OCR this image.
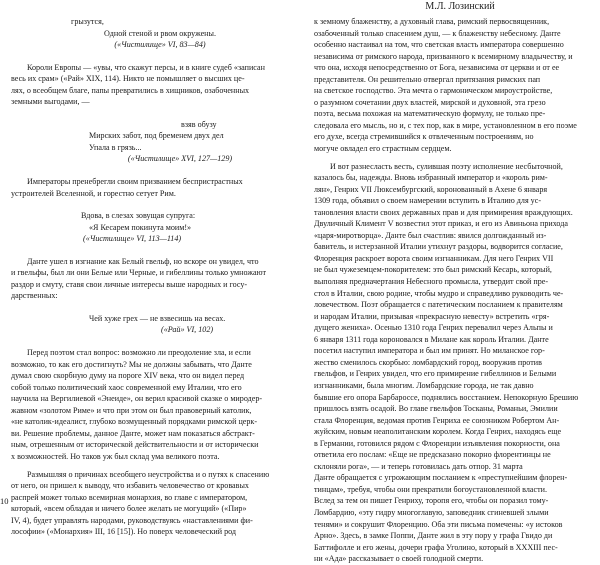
М.Л. Лозинский

грызутся,

Одной стеной и рвом окружены.

(«Чистилище» VI, 83—84)

Короли Европы — «увы, что скажут персы, и в книге судеб «записан

весь их срам» («Рай» XIX, 114). Никто не помышляет о высших це-

лях, о всеобщем благе, папы превратились в хищников, озабоченных

земными выгодами, —

взяв обузу

Мирских забот, под бременем двух дел

Упала в грязь...

(«Чистилище» XVI, 127—129)

Императоры пренебрегли своим призванием беспристрастных

устроителей Вселенной, и горестно сетует Рим.

Вдова, в слезах зовущая супруга:

«Я Кесарем покинута моим!»

(«Чистилище» VI, 113—114)

Данте ушел в изгнание как Белый гвельф, но вскоре он увидел, что

и гвельфы, был ли они Белые или Черные, и гибеллины только умножают

раздор и смуту, ставя свои личные интересы выше народных и госу-

дарственных:

Чей хуже грех — не взвесишь на весах.

(«Рай» VI, 102)

Перед поэтом стал вопрос: возможно ли преодоление зла, и если

возможно, то как его достигнуть? Мы не должны забывать, что Данте

думал свою скорбную думу на пороге XIV века, что он видел перед

собой только политический хаос современной ему Италии, что его

научила на Вергилиевой «Энеиде», он верил красивой сказке о миродер-

жавном «золотом Риме» и что при этом он был правоверный католик,

«не католик-идеалист, глубоко возмущенный порядками римской церк-

ви. Решение проблемы, данное Данте, может нам показаться абстракт-

ным, отрешенным от исторической действительности и от исторически

х возможностей. Но таков уж был склад ума великого поэта.

Размышляя о причинах всеобщего неустройства и о путях к спасению

от него, он пришел к выводу, что избавить человечество от кровавых

распрей может только всемирная монархия, во главе с императором,

который, «всем обладая и ничего более желать не могущий» («Пир»

IV, 4), будет управлять народами, руководствуясь «наставлениями фи-

лософии» («Монархия» III, 16 [15]). Но поверх человеческий род

к земному блаженству, а духовный глава, римский первосвященник,

озабоченный только спасением душ, — к блаженству небесному. Данте

особенно настаивал на том, что светская власть императора совершенно

независима от римского народа, призванного к всемирному владычеству, и

что она, исходя непосредственно от Бога, независима от церкви и от ее

представителя. Он решительно отвергал притязания римских пап

на светское господство. Эта мечта о гармоническом мироустройстве,

о разумном сочетании двух властей, мирской и духовной, эта грезо

поэта, весьма похожая на математическую формулу, не только пре-

следовала его мысль, но и, с тех пор, как в мире, установленном в его поэме

его духе, всегда стремившийся к отвлеченным построениям, но

могуче овладел его страстным сердцем.

И вот разнесласть весть, сулившая поэту исполнение несбыточной,

казалось бы, надежды. Вновь избранный император и «король рим-

лян», Генрих VII Люксембургский, коронованный в Ахене 6 января

1309 года, объявил о своем намерении вступить в Италию для ус-

тановления власти своих державных прав и для примирения враждующих.

Двуличный Климент V возвестил этот приказ, и его из Авиньона прихода

«царя-миротворца». Данте был счастлив: явился долгожданный из-

бавитель, и истерзанной Италии утихнут раздоры, водворится согласие,

Флоренция раскроет ворота своим изгнанникам. Для него Генрих VII

не был чужеземцем-покорителем: это был римский Кесарь, который,

выполняя предначертания Небесного промысла, утвердит свой пре-

стол в Италии, свою родине, чтобы мудро и справедливо руководить че-

ловечеством. Поэт обращается с патетическим посланием к правителям

и народам Италии, призывая «прекрасную невесту» встретить «гря-

дущего жениха». Осенью 1310 года Генрих перевалил через Альпы и

6 января 1311 года короновался в Милане как король Италии. Данте

посетил наступил императора и был им принят. Но миланское гор-

жество сменилось скорбью: ломбардский город, вооружив против

гвельфов, и Генрих увидел, что его примирение гибеллинов и Белыми

изгнанниками, была многим. Ломбардские города, не так давно

бывшие его опора Барбароссе, поднялись восстанием. Непокорную Брешию

пришлось взять осадой. Во главе гвельфов Тосканы, Романьи, Эмилии

стала Флоренция, ведомая против Генриха ее союзником Робертом Ан-

жуйским, новым неаполитанским королем. Когда Генрих, находясь еще

в Германии, готовился рядом с Флоренции изъявления покорности, она

ответила его послам: «Еще не предсказано покорно флорентинцы не

склоняли рога», — и теперь готовилась дать отпор. 31 марта

Данте обращается с угрожающим посланием к «преступнейшим флорен-

тинцам», требуя, чтобы они прекратили богоустановленной власти.

Вслед за тем он пишет Генриху, торопя его, чтобы он поразил тому-

Ломбардию, «эту гидру многоглавую, заповедник сгиневшей злыми

тенями» и сокрушит Флоренцию. Оба эти письма помечены: «у истоков

Арно». Здесь, в замке Поппи, Данте жил в эту пору у графа Гвидо ди

Баттифолле и его жены, дочери графа Уголино, который в XXXIII пес-

ни «Ада» рассказывает о своей голодной смерти.

10
